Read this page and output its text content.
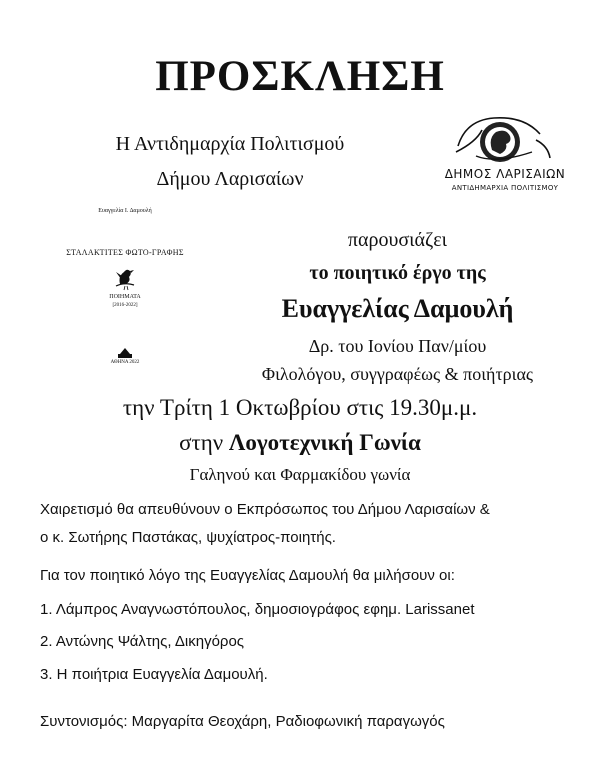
ΠΡΟΣΚΛΗΣΗ
Η Αντιδημαρχία Πολιτισμού
Δήμου Λαρισαίων	ΔΗΜΟΣ ΛΑΡΙΣΑΙΩΝ
ΑΝΤΙΔΗΜΑΡΧΙΑ ΠΟΛΙΤΙΣΜΟΥ
Ευαγγελία Ι. Δαμουλή
ΣΤΑΛΑΚΤΙΤΕΣ ΦΩΤΟ-ΓΡΑΦΗΣ
ΠΟΙΗΜΑΤΑ
[2016-2022]
ΑΘΗΝΑ 2022
παρουσιάζει
το ποιητικό έργο της
Ευαγγελίας Δαμουλή
Δρ. του Ιονίου Παν/μίου
Φιλολόγου, συγγραφέως & ποιήτριας
την Τρίτη 1 Οκτωβρίου στις 19.30μ.μ.
στην Λογοτεχνική Γωνία
Γαληνού και Φαρμακίδου γωνία
Χαιρετισμό θα απευθύνουν ο Εκπρόσωπος του Δήμου Λαρισαίων &
ο κ. Σωτήρης Παστάκας, ψυχίατρος-ποιητής.
Για τον ποιητικό λόγο της Ευαγγελίας Δαμουλή θα μιλήσουν οι:
1. Λάμπρος Αναγνωστόπουλος, δημοσιογράφος εφημ. Larissanet
2. Αντώνης Ψάλτης, Δικηγόρος
3. Η ποιήτρια Ευαγγελία Δαμουλή.
Συντονισμός: Μαργαρίτα Θεοχάρη, Ραδιοφωνική παραγωγός
